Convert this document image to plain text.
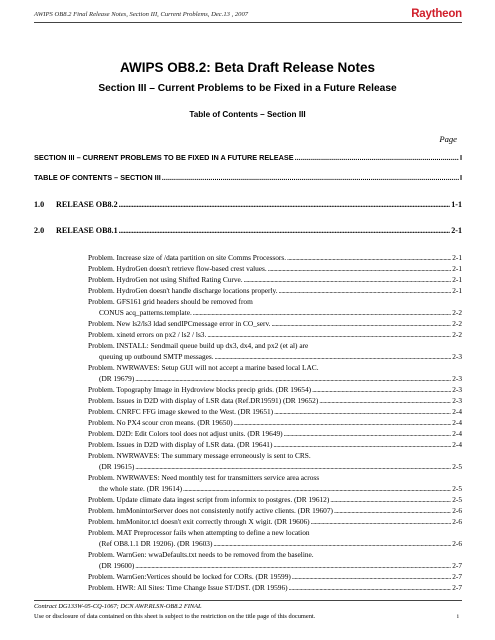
AWIPS OB8.2 Final Release Notes, Section III, Current Problems, Dec.13 , 2007	Raytheon
AWIPS OB8.2: Beta Draft Release Notes
Section III – Current Problems to be Fixed in a Future Release
Table of Contents – Section III
Page
SECTION III – CURRENT PROBLEMS TO BE FIXED IN A FUTURE RELEASE .....	I
TABLE OF CONTENTS – SECTION III .....	I
1.0 RELEASE OB8.2 .....	1-1
2.0 RELEASE OB8.1 .....	2-1
Problem. Increase size of /data partition on site Comms Processors. .....	2-1
Problem. HydroGen doesn't retrieve flow-based crest values. .....	2-1
Problem. HydroGen not using Shifted Rating Curve. .....	2-1
Problem. HydroGen doesn't handle discharge locations properly. .....	2-1
Problem. GFS161 grid headers should be removed from
CONUS acq_patterns.template. .....	2-2
Problem. New ls2/ls3 ldad sendIPCmessage error in CO_serv. .....	2-2
Problem. xinetd errors on px2 / ls2 / ls3. .....	2-2
Problem. INSTALL: Sendmail queue build up dx3, dx4, and px2 (et al) are
queuing up outbound SMTP messages. .....	2-3
Problem. NWRWAVES: Setup GUI will not accept a marine based local LAC.
(DR 19679) .....	2-3
Problem. Topography Image in Hydroview blocks precip grids. (DR 19654) .....	2-3
Problem. Issues in D2D with display of LSR data (Ref.DR19591) (DR 19652) .....	2-3
Problem. CNRFC FFG image skewed to the West. (DR 19651) .....	2-4
Problem. No PX4 scour cron means. (DR 19650) .....	2-4
Problem. D2D: Edit Colors tool does not adjust units. (DR 19649) .....	2-4
Problem. Issues in D2D with display of LSR data. (DR 19641) .....	2-4
Problem. NWRWAVES: The summary message erroneously is sent to CRS.
(DR 19615) .....	2-5
Problem. NWRWAVES: Need monthly test for transmitters service area across
the whole state. (DR 19614) .....	2-5
Problem. Update climate data ingest script from informix to postgres. (DR 19612) .....	2-5
Problem. hmMonintorServer does not consistenly notify active clients. (DR 19607) .....	2-6
Problem. hmMonitor.tcl doesn't exit correctly through X wigit. (DR 19606) .....	2-6
Problem. MAT Preprocessor fails when attempting to define a new location
(Ref OB8.1.1 DR 19206). (DR 19603) .....	2-6
Problem. WarnGen: wwaDefaults.txt needs to be removed from the baseline.
(DR 19600) .....	2-7
Problem. WarnGen:Vertices should be locked for CORs. (DR 19599) .....	2-7
Problem. HWR: All Sites: Time Change Issue ST/DST. (DR 19596) .....	2-7
Contract DG133W-05-CQ-1067; DCN AWP.RLSN-OB8.2 FINAL
Use or disclosure of data contained on this sheet is subject to the restriction on the title page of this document.	i
